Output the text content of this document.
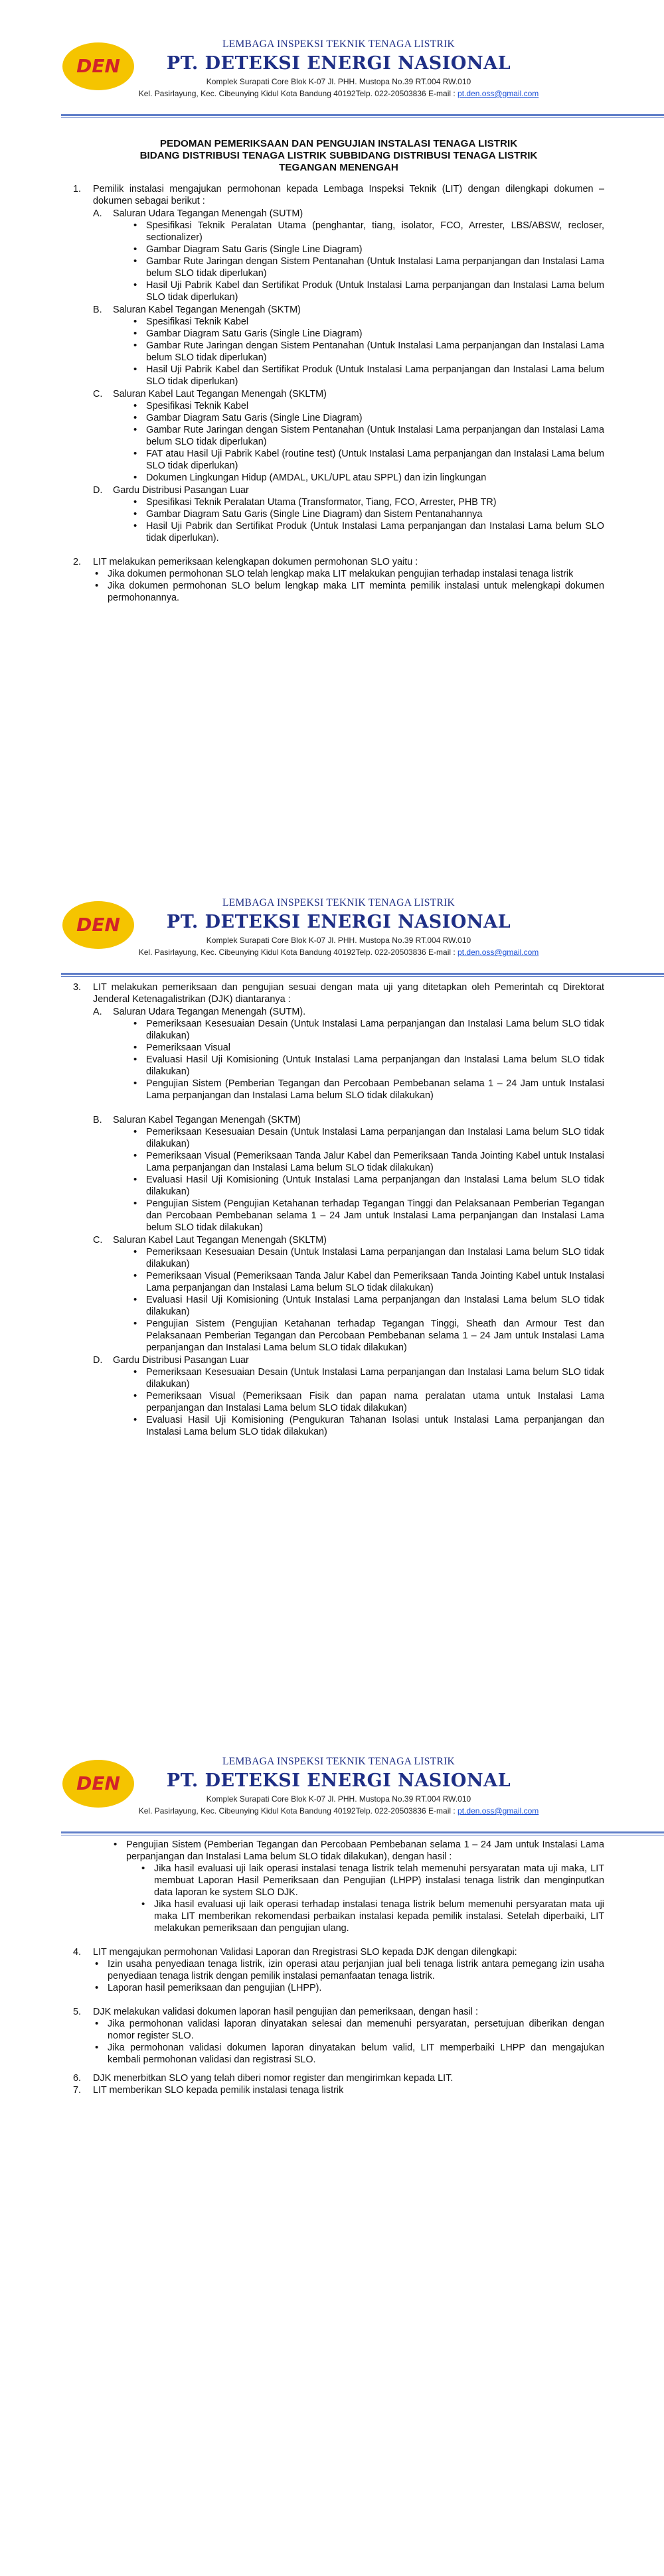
DEN
LEMBAGA INSPEKSI TEKNIK TENAGA LISTRIK
PT. DETEKSI ENERGI NASIONAL
Komplek Surapati Core Blok K-07 Jl. PHH. Mustopa No.39 RT.004 RW.010
Kel. Pasirlayung, Kec. Cibeunying Kidul Kota Bandung 40192Telp. 022-20503836 E-mail : pt.den.oss@gmail.com
PEDOMAN PEMERIKSAAN DAN PENGUJIAN INSTALASI TENAGA LISTRIK
BIDANG DISTRIBUSI TENAGA LISTRIK SUBBIDANG DISTRIBUSI TENAGA LISTRIK
TEGANGAN MENENGAH
1. Pemilik instalasi mengajukan permohonan kepada Lembaga Inspeksi Teknik (LIT) dengan dilengkapi dokumen – dokumen sebagai berikut :
A. Saluran Udara Tegangan Menengah (SUTM)
• Spesifikasi Teknik Peralatan Utama (penghantar, tiang, isolator, FCO, Arrester, LBS/ABSW, recloser, sectionalizer)
• Gambar Diagram Satu Garis (Single Line Diagram)
• Gambar Rute Jaringan dengan Sistem Pentanahan (Untuk Instalasi Lama perpanjangan dan Instalasi Lama belum SLO tidak diperlukan)
• Hasil Uji Pabrik Kabel dan Sertifikat Produk (Untuk Instalasi Lama perpanjangan dan Instalasi Lama belum SLO tidak diperlukan)
B. Saluran Kabel Tegangan Menengah (SKTM)
• Spesifikasi Teknik Kabel
• Gambar Diagram Satu Garis (Single Line Diagram)
• Gambar Rute Jaringan dengan Sistem Pentanahan (Untuk Instalasi Lama perpanjangan dan Instalasi Lama belum SLO tidak diperlukan)
• Hasil Uji Pabrik Kabel dan Sertifikat Produk (Untuk Instalasi Lama perpanjangan dan Instalasi Lama belum SLO tidak diperlukan)
C. Saluran Kabel Laut Tegangan Menengah (SKLTM)
• Spesifikasi Teknik Kabel
• Gambar Diagram Satu Garis (Single Line Diagram)
• Gambar Rute Jaringan dengan Sistem Pentanahan (Untuk Instalasi Lama perpanjangan dan Instalasi Lama belum SLO tidak diperlukan)
• FAT atau Hasil Uji Pabrik Kabel (routine test) (Untuk Instalasi Lama perpanjangan dan Instalasi Lama belum SLO tidak diperlukan)
• Dokumen Lingkungan Hidup (AMDAL, UKL/UPL atau SPPL) dan izin lingkungan
D. Gardu Distribusi Pasangan Luar
• Spesifikasi Teknik Peralatan Utama (Transformator, Tiang, FCO, Arrester, PHB TR)
• Gambar Diagram Satu Garis (Single Line Diagram) dan Sistem Pentanahannya
• Hasil Uji Pabrik dan Sertifikat Produk (Untuk Instalasi Lama perpanjangan dan Instalasi Lama belum SLO tidak diperlukan).
2. LIT melakukan pemeriksaan kelengkapan dokumen permohonan SLO yaitu :
• Jika dokumen permohonan SLO telah lengkap maka LIT melakukan pengujian terhadap instalasi tenaga listrik
• Jika dokumen permohonan SLO belum lengkap maka LIT meminta pemilik instalasi untuk melengkapi dokumen permohonannya.
DEN
LEMBAGA INSPEKSI TEKNIK TENAGA LISTRIK
PT. DETEKSI ENERGI NASIONAL
Komplek Surapati Core Blok K-07 Jl. PHH. Mustopa No.39 RT.004 RW.010
Kel. Pasirlayung, Kec. Cibeunying Kidul Kota Bandung 40192Telp. 022-20503836 E-mail : pt.den.oss@gmail.com
3. LIT melakukan pemeriksaan dan pengujian sesuai dengan mata uji yang ditetapkan oleh Pemerintah cq Direktorat Jenderal Ketenagalistrikan (DJK) diantaranya :
A. Saluran Udara Tegangan Menengah (SUTM).
• Pemeriksaan Kesesuaian Desain (Untuk Instalasi Lama perpanjangan dan Instalasi Lama belum SLO tidak dilakukan)
• Pemeriksaan Visual
• Evaluasi Hasil Uji Komisioning (Untuk Instalasi Lama perpanjangan dan Instalasi Lama belum SLO tidak dilakukan)
• Pengujian Sistem (Pemberian Tegangan dan Percobaan Pembebanan selama 1 – 24 Jam untuk Instalasi Lama perpanjangan dan Instalasi Lama belum SLO tidak dilakukan)
B. Saluran Kabel Tegangan Menengah (SKTM)
• Pemeriksaan Kesesuaian Desain (Untuk Instalasi Lama perpanjangan dan Instalasi Lama belum SLO tidak dilakukan)
• Pemeriksaan Visual (Pemeriksaan Tanda Jalur Kabel dan Pemeriksaan Tanda Jointing Kabel untuk Instalasi Lama perpanjangan dan Instalasi Lama belum SLO tidak dilakukan)
• Evaluasi Hasil Uji Komisioning (Untuk Instalasi Lama perpanjangan dan Instalasi Lama belum SLO tidak dilakukan)
• Pengujian Sistem (Pengujian Ketahanan terhadap Tegangan Tinggi dan Pelaksanaan Pemberian Tegangan dan Percobaan Pembebanan selama 1 – 24 Jam untuk Instalasi Lama perpanjangan dan Instalasi Lama belum SLO tidak dilakukan)
C. Saluran Kabel Laut Tegangan Menengah (SKLTM)
• Pemeriksaan Kesesuaian Desain (Untuk Instalasi Lama perpanjangan dan Instalasi Lama belum SLO tidak dilakukan)
• Pemeriksaan Visual (Pemeriksaan Tanda Jalur Kabel dan Pemeriksaan Tanda Jointing Kabel untuk Instalasi Lama perpanjangan dan Instalasi Lama belum SLO tidak dilakukan)
• Evaluasi Hasil Uji Komisioning (Untuk Instalasi Lama perpanjangan dan Instalasi Lama belum SLO tidak dilakukan)
• Pengujian Sistem (Pengujian Ketahanan terhadap Tegangan Tinggi, Sheath dan Armour Test dan Pelaksanaan Pemberian Tegangan dan Percobaan Pembebanan selama 1 – 24 Jam untuk Instalasi Lama perpanjangan dan Instalasi Lama belum SLO tidak dilakukan)
D. Gardu Distribusi Pasangan Luar
• Pemeriksaan Kesesuaian Desain (Untuk Instalasi Lama perpanjangan dan Instalasi Lama belum SLO tidak dilakukan)
• Pemeriksaan Visual (Pemeriksaan Fisik dan papan nama peralatan utama untuk Instalasi Lama perpanjangan dan Instalasi Lama belum SLO tidak dilakukan)
• Evaluasi Hasil Uji Komisioning (Pengukuran Tahanan Isolasi untuk Instalasi Lama perpanjangan dan Instalasi Lama belum SLO tidak dilakukan)
DEN
LEMBAGA INSPEKSI TEKNIK TENAGA LISTRIK
PT. DETEKSI ENERGI NASIONAL
Komplek Surapati Core Blok K-07 Jl. PHH. Mustopa No.39 RT.004 RW.010
Kel. Pasirlayung, Kec. Cibeunying Kidul Kota Bandung 40192Telp. 022-20503836 E-mail : pt.den.oss@gmail.com
• Pengujian Sistem (Pemberian Tegangan dan Percobaan Pembebanan selama 1 – 24 Jam untuk Instalasi Lama perpanjangan dan Instalasi Lama belum SLO tidak dilakukan), dengan hasil :
• Jika hasil evaluasi uji laik operasi instalasi tenaga listrik telah memenuhi persyaratan mata uji maka, LIT membuat Laporan Hasil Pemeriksaan dan Pengujian (LHPP) instalasi tenaga listrik dan menginputkan data laporan ke system SLO DJK.
• Jika hasil evaluasi uji laik operasi terhadap instalasi tenaga listrik belum memenuhi persyaratan mata uji maka LIT memberikan rekomendasi perbaikan instalasi kepada pemilik instalasi. Setelah diperbaiki, LIT melakukan pemeriksaan dan pengujian ulang.
4. LIT mengajukan permohonan Validasi Laporan dan Rregistrasi SLO kepada DJK dengan dilengkapi:
• Izin usaha penyediaan tenaga listrik, izin operasi atau perjanjian jual beli tenaga listrik antara pemegang izin usaha penyediaan tenaga listrik dengan pemilik instalasi pemanfaatan tenaga listrik.
• Laporan hasil pemeriksaan dan pengujian (LHPP).
5. DJK melakukan validasi dokumen laporan hasil pengujian dan pemeriksaan, dengan hasil :
• Jika permohonan validasi laporan dinyatakan selesai dan memenuhi persyaratan, persetujuan diberikan dengan nomor register SLO.
• Jika permohonan validasi dokumen laporan dinyatakan belum valid, LIT memperbaiki LHPP dan mengajukan kembali permohonan validasi dan registrasi SLO.
6. DJK menerbitkan SLO yang telah diberi nomor register dan mengirimkan kepada LIT.
7. LIT memberikan SLO kepada pemilik instalasi tenaga listrik
